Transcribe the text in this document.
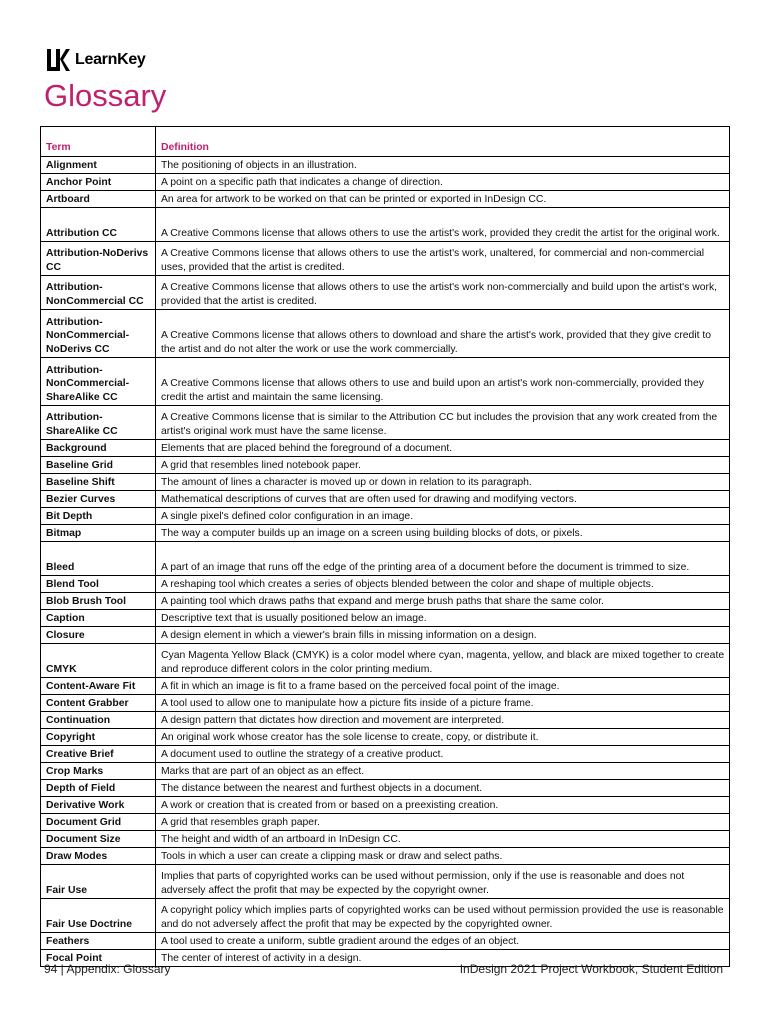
LearnKey
Glossary
Term	Definition
Alignment	The positioning of objects in an illustration.
Anchor Point	A point on a specific path that indicates a change of direction.
Artboard	An area for artwork to be worked on that can be printed or exported in InDesign CC.
Attribution CC	A Creative Commons license that allows others to use the artist's work, provided they credit the artist for the original work.
Attribution-NoDerivs CC	A Creative Commons license that allows others to use the artist's work, unaltered, for commercial and non-commercial uses, provided that the artist is credited.
Attribution-NonCommercial CC	A Creative Commons license that allows others to use the artist's work non-commercially and build upon the artist's work, provided that the artist is credited.
Attribution-NonCommercial-NoDerivs CC	A Creative Commons license that allows others to download and share the artist's work, provided that they give credit to the artist and do not alter the work or use the work commercially.
Attribution-NonCommercial-ShareAlike CC	A Creative Commons license that allows others to use and build upon an artist's work non-commercially, provided they credit the artist and maintain the same licensing.
Attribution-ShareAlike CC	A Creative Commons license that is similar to the Attribution CC but includes the provision that any work created from the artist's original work must have the same license.
Background	Elements that are placed behind the foreground of a document.
Baseline Grid	A grid that resembles lined notebook paper.
Baseline Shift	The amount of lines a character is moved up or down in relation to its paragraph.
Bezier Curves	Mathematical descriptions of curves that are often used for drawing and modifying vectors.
Bit Depth	A single pixel's defined color configuration in an image.
Bitmap	The way a computer builds up an image on a screen using building blocks of dots, or pixels.
Bleed	A part of an image that runs off the edge of the printing area of a document before the document is trimmed to size.
Blend Tool	A reshaping tool which creates a series of objects blended between the color and shape of multiple objects.
Blob Brush Tool	A painting tool which draws paths that expand and merge brush paths that share the same color.
Caption	Descriptive text that is usually positioned below an image.
Closure	A design element in which a viewer's brain fills in missing information on a design.
CMYK	Cyan Magenta Yellow Black (CMYK) is a color model where cyan, magenta, yellow, and black are mixed together to create and reproduce different colors in the color printing medium.
Content-Aware Fit	A fit in which an image is fit to a frame based on the perceived focal point of the image.
Content Grabber	A tool used to allow one to manipulate how a picture fits inside of a picture frame.
Continuation	A design pattern that dictates how direction and movement are interpreted.
Copyright	An original work whose creator has the sole license to create, copy, or distribute it.
Creative Brief	A document used to outline the strategy of a creative product.
Crop Marks	Marks that are part of an object as an effect.
Depth of Field	The distance between the nearest and furthest objects in a document.
Derivative Work	A work or creation that is created from or based on a preexisting creation.
Document Grid	A grid that resembles graph paper.
Document Size	The height and width of an artboard in InDesign CC.
Draw Modes	Tools in which a user can create a clipping mask or draw and select paths.
Fair Use	Implies that parts of copyrighted works can be used without permission, only if the use is reasonable and does not adversely affect the profit that may be expected by the copyright owner.
Fair Use Doctrine	A copyright policy which implies parts of copyrighted works can be used without permission provided the use is reasonable and do not adversely affect the profit that may be expected by the copyrighted owner.
Feathers	A tool used to create a uniform, subtle gradient around the edges of an object.
Focal Point	The center of interest of activity in a design.
94 | Appendix: Glossary	InDesign 2021 Project Workbook, Student Edition
